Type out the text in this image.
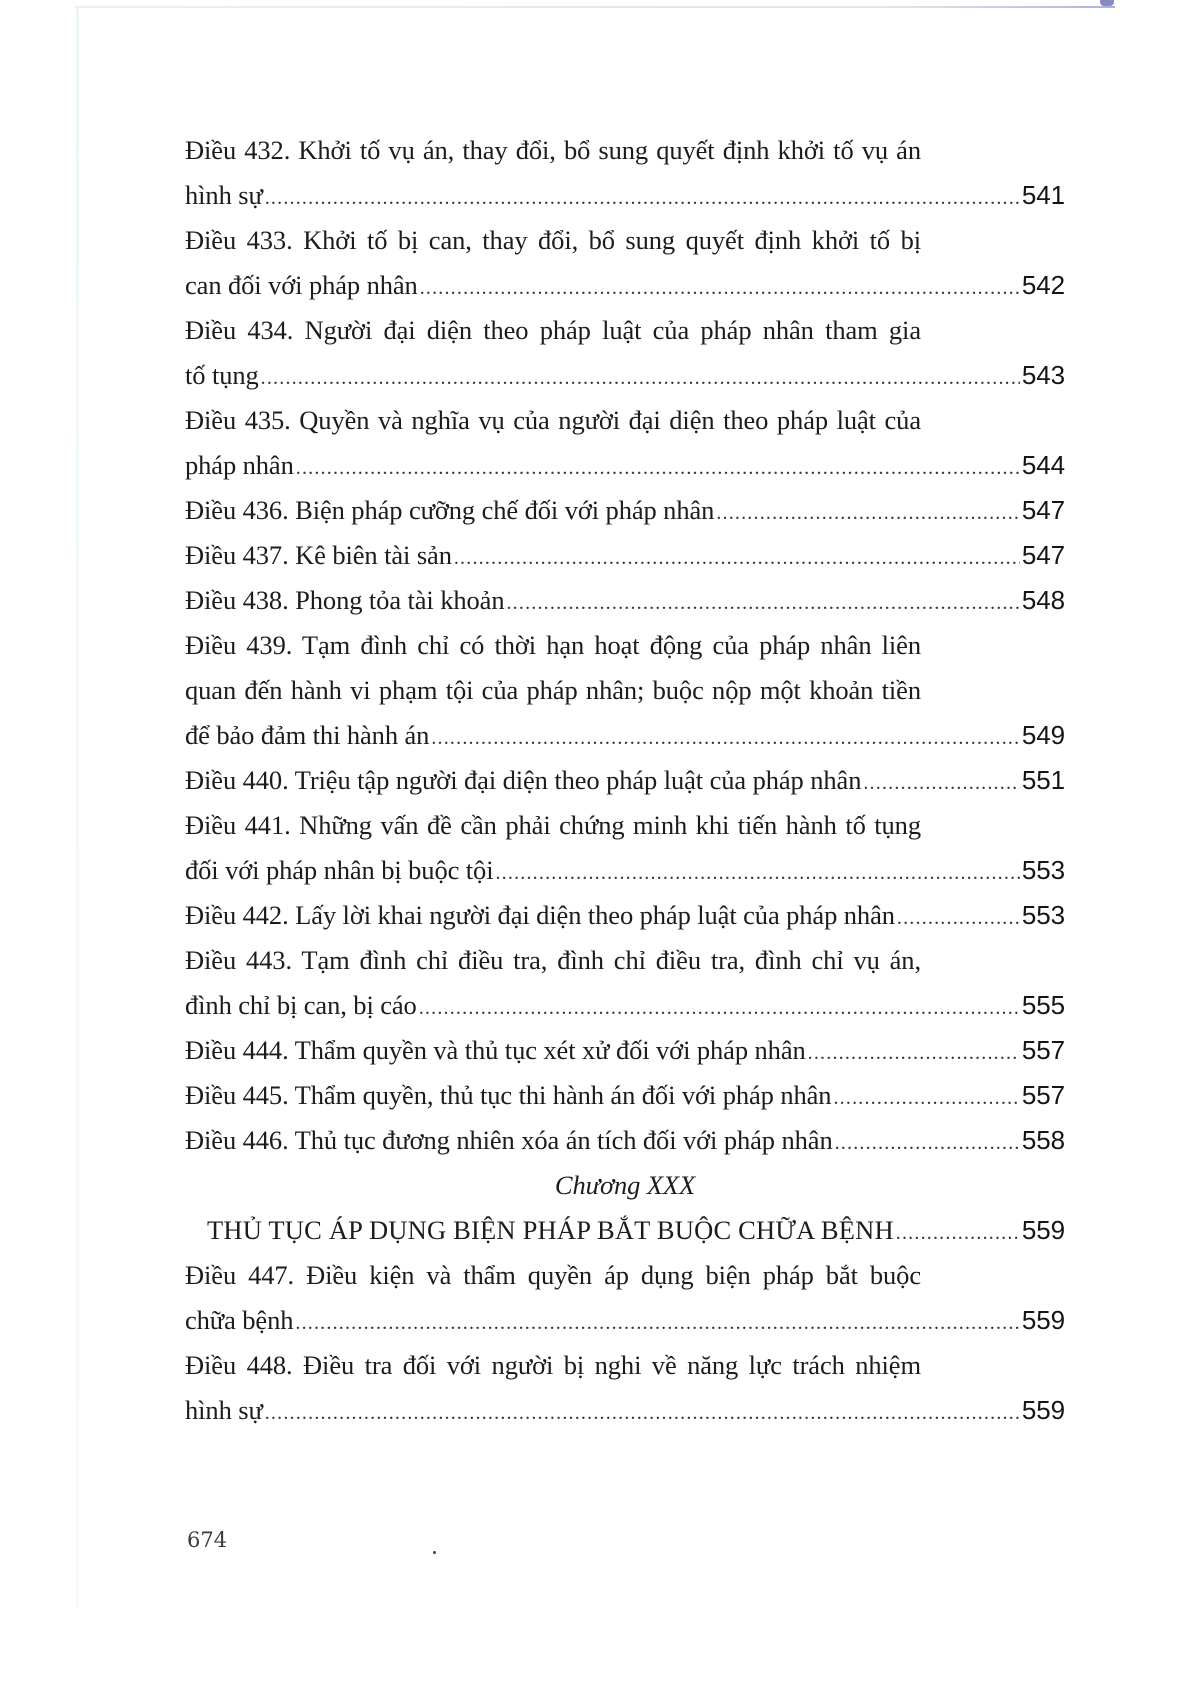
Điều 432. Khởi tố vụ án, thay đổi, bổ sung quyết định khởi tố vụ án
hình sự .....	541
Điều 433. Khởi tố bị can, thay đổi, bổ sung quyết định khởi tố bị
can đối với pháp nhân .....	542
Điều 434. Người đại diện theo pháp luật của pháp nhân tham gia
tố tụng .....	543
Điều 435. Quyền và nghĩa vụ của người đại diện theo pháp luật của
pháp nhân .....	544
Điều 436. Biện pháp cưỡng chế đối với pháp nhân .....	547
Điều 437. Kê biên tài sản .....	547
Điều 438. Phong tỏa tài khoản .....	548
Điều 439. Tạm đình chỉ có thời hạn hoạt động của pháp nhân liên
quan đến hành vi phạm tội của pháp nhân; buộc nộp một khoản tiền
để bảo đảm thi hành án .....	549
Điều 440. Triệu tập người đại diện theo pháp luật của pháp nhân .....	551
Điều 441. Những vấn đề cần phải chứng minh khi tiến hành tố tụng
đối với pháp nhân bị buộc tội .....	553
Điều 442. Lấy lời khai người đại diện theo pháp luật của pháp nhân .....	553
Điều 443. Tạm đình chỉ điều tra, đình chỉ điều tra, đình chỉ vụ án,
đình chỉ bị can, bị cáo .....	555
Điều 444. Thẩm quyền và thủ tục xét xử đối với pháp nhân .....	557
Điều 445. Thẩm quyền, thủ tục thi hành án đối với pháp nhân .....	557
Điều 446. Thủ tục đương nhiên xóa án tích đối với pháp nhân .....	558
Chương XXX
THỦ TỤC ÁP DỤNG BIỆN PHÁP BẮT BUỘC CHỮA BỆNH .....	559
Điều 447. Điều kiện và thẩm quyền áp dụng biện pháp bắt buộc
chữa bệnh .....	559
Điều 448. Điều tra đối với người bị nghi về năng lực trách nhiệm
hình sự .....	559
674
